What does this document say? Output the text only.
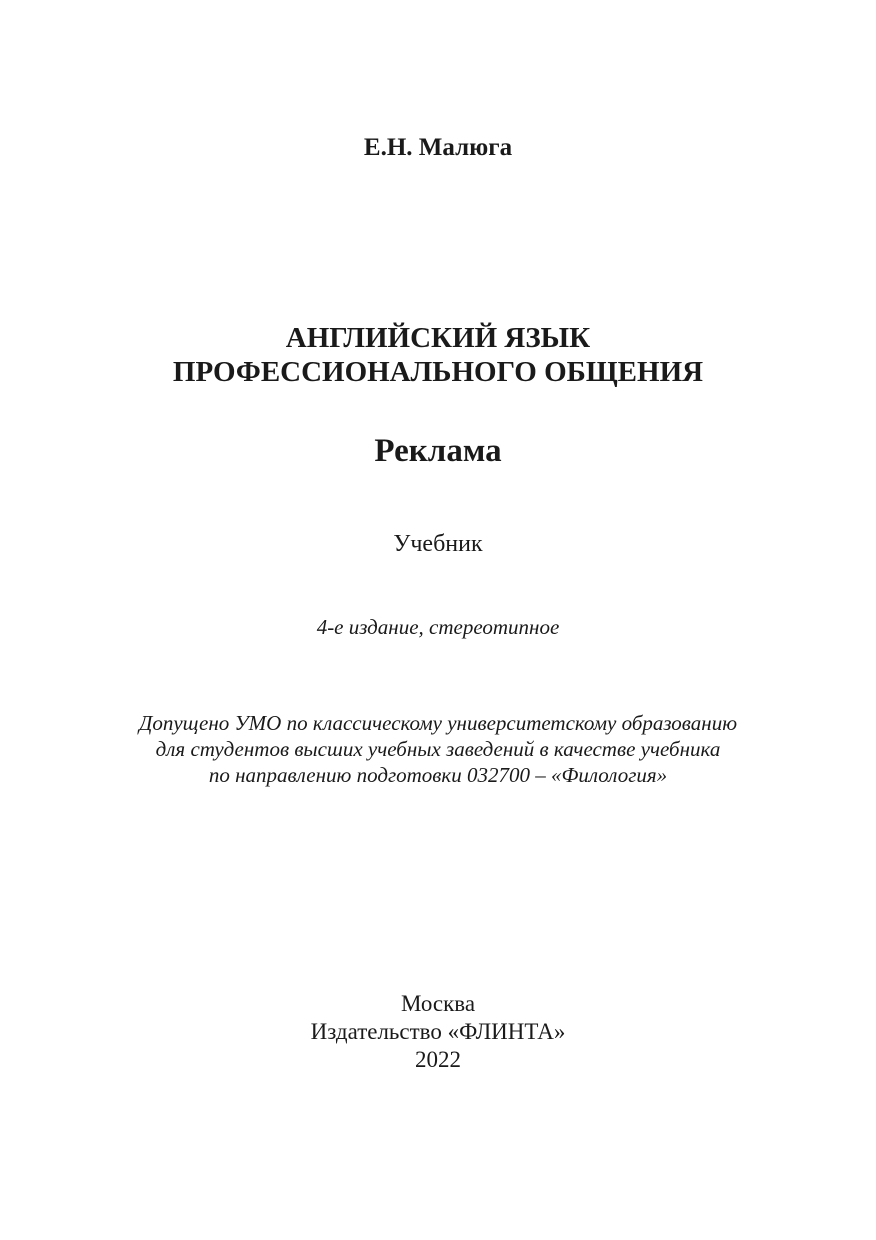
Е.Н. Малюга
АНГЛИЙСКИЙ ЯЗЫК
ПРОФЕССИОНАЛЬНОГО ОБЩЕНИЯ
Реклама
Учебник
4-е издание, стереотипное
Допущено УМО по классическому университетскому образованию
для студентов высших учебных заведений в качестве учебника
по направлению подготовки 032700 – «Филология»
Москва
Издательство «ФЛИНТА»
2022
